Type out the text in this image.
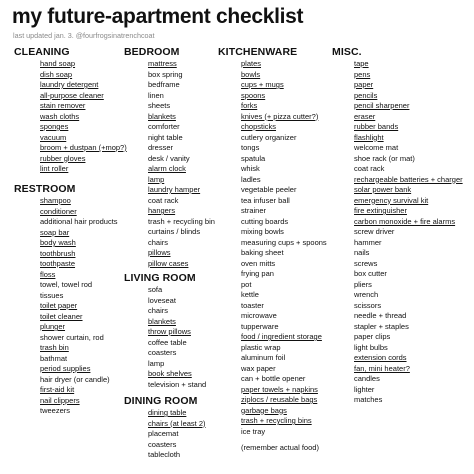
my future-apartment checklist
last updated jan. 3. @fourfrogsinatrenchcoat
CLEANING
hand soap
dish soap
laundry detergent
all-purpose cleaner
stain remover
wash cloths
sponges
vacuum
broom + dustpan (+mop?)
rubber gloves
lint roller
RESTROOM
shampoo
conditioner
additional hair products
soap bar
body wash
toothbrush
toothpaste
floss
towel, towel rod
tissues
toilet paper
toilet cleaner
plunger
shower curtain, rod
trash bin
bathmat
period supplies
hair dryer (or candle)
first-aid kit
nail clippers
tweezers
BEDROOM
mattress
box spring
bedframe
linen
sheets
blankets
comforter
night table
dresser
desk / vanity
alarm clock
lamp
laundry hamper
coat rack
hangers
trash + recycling bin
curtains / blinds
chairs
pillows
pillow cases
LIVING ROOM
sofa
loveseat
chairs
blankets
throw pillows
coffee table
coasters
lamp
book shelves
television + stand
DINING ROOM
dining table
chairs (at least 2)
placemat
coasters
tablecloth
KITCHENWARE
plates
bowls
cups + mugs
spoons
forks
knives (+ pizza cutter?)
chopsticks
cutlery organizer
tongs
spatula
whisk
ladles
vegetable peeler
tea infuser ball
strainer
cutting boards
mixing bowls
measuring cups + spoons
baking sheet
oven mitts
frying pan
pot
kettle
toaster
microwave
tupperware
food / ingredient storage
plastic wrap
aluminum foil
wax paper
can + bottle opener
paper towels + napkins
ziplocs / reusable bags
garbage bags
trash + recycling bins
ice tray
(remember actual food)
MISC.
tape
pens
paper
pencils
pencil sharpener
eraser
rubber bands
flashlight
welcome mat
shoe rack (or mat)
coat rack
rechargeable batteries + charger
solar power bank
emergency survival kit
fire extinguisher
carbon monoxide + fire alarms
screw driver
hammer
nails
screws
box cutter
pliers
wrench
scissors
needle + thread
stapler + staples
paper clips
light bulbs
extension cords
fan, mini heater?
candles
lighter
matches
